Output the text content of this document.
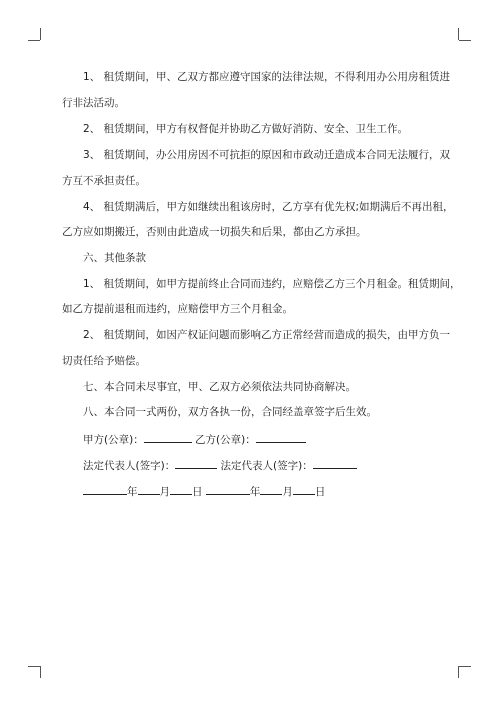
1、 租赁期间，甲、乙双方都应遵守国家的法律法规，不得利用办公用房租赁进
行非法活动。
2、 租赁期间，甲方有权督促并协助乙方做好消防、安全、卫生工作。
3、 租赁期间，办公用房因不可抗拒的原因和市政动迁造成本合同无法履行，双
方互不承担责任。
4、 租赁期满后，甲方如继续出租该房时，乙方享有优先权;如期满后不再出租，
乙方应如期搬迁，否则由此造成一切损失和后果，都由乙方承担。
六、其他条款
1、 租赁期间，如甲方提前终止合同而违约，应赔偿乙方三个月租金。租赁期间，
如乙方提前退租而违约，应赔偿甲方三个月租金。
2、 租赁期间，如因产权证问题而影响乙方正常经营而造成的损失，由甲方负一
切责任给予赔偿。
七、本合同未尽事宜，甲、乙双方必须依法共同协商解决。
八、本合同一式两份，双方各执一份，合同经盖章签字后生效。
甲方(公章)：	乙方(公章)：
法定代表人(签字)：	法定代表人(签字)：
年 月 日	年 月 日
